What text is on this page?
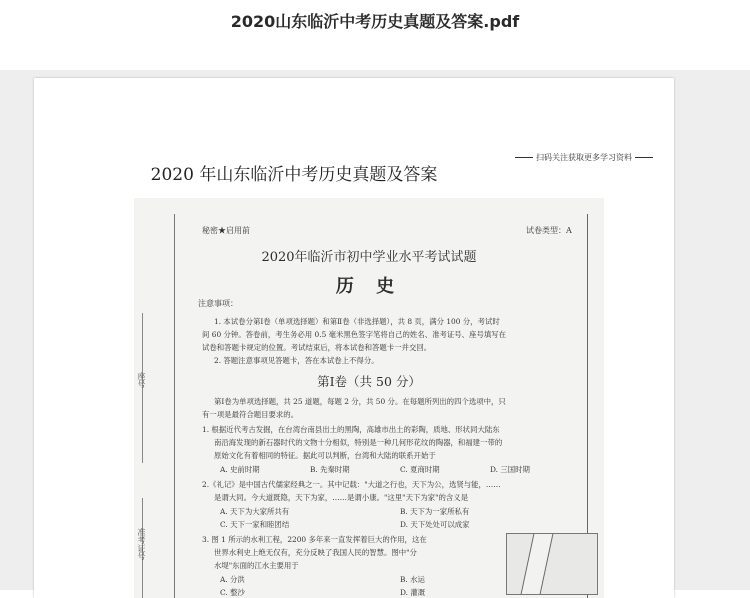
2020山东临沂中考历史真题及答案.pdf
扫码关注获取更多学习资料
2020 年山东临沂中考历史真题及答案
座号
准考证号
秘密★启用前	试卷类型：A
2020年临沂市初中学业水平考试试题
历 史
注意事项：
1. 本试卷分第Ⅰ卷（单项选择题）和第Ⅱ卷（非选择题），共 8 页，满分 100 分，考试时
间 60 分钟。答卷前，考生务必用 0.5 毫米黑色签字笔将自己的姓名、准考证号、座号填写在
试卷和答题卡规定的位置。考试结束后，将本试卷和答题卡一并交回。
2. 答题注意事项见答题卡，答在本试卷上不得分。
第Ⅰ卷（共 50 分）
第Ⅰ卷为单项选择题，共 25 道题，每题 2 分，共 50 分。在每题所列出的四个选项中，只
有一项是最符合题目要求的。
1. 根据近代考古发掘，在台湾台南县出土的黑陶，高雄市出土的彩陶，质地、形状同大陆东
南沿海发现的新石器时代的文物十分相似，特别是一种几何形花纹的陶器，和福建一带的
原始文化有着相同的特征。据此可以判断，台湾和大陆的联系开始于
A. 史前时期	B. 先秦时期	C. 夏商时期	D. 三国时期
2.《礼记》是中国古代儒家经典之一。其中记载："大道之行也，天下为公，选贤与能，……
是谓大同。今大道既隐，天下为家，……是谓小康。"这里"天下为家"的含义是
A. 天下为大家所共有	B. 天下为一家所私有
C. 天下一家和睦团结	D. 天下处处可以成家
3. 图 1 所示的水利工程，2200 多年来一直发挥着巨大的作用，这在
世界水利史上绝无仅有，充分反映了我国人民的智慧。图中"分
水堤"东面的江水主要用于
A. 分洪	B. 水运
C. 整沙	D. 灌溉
